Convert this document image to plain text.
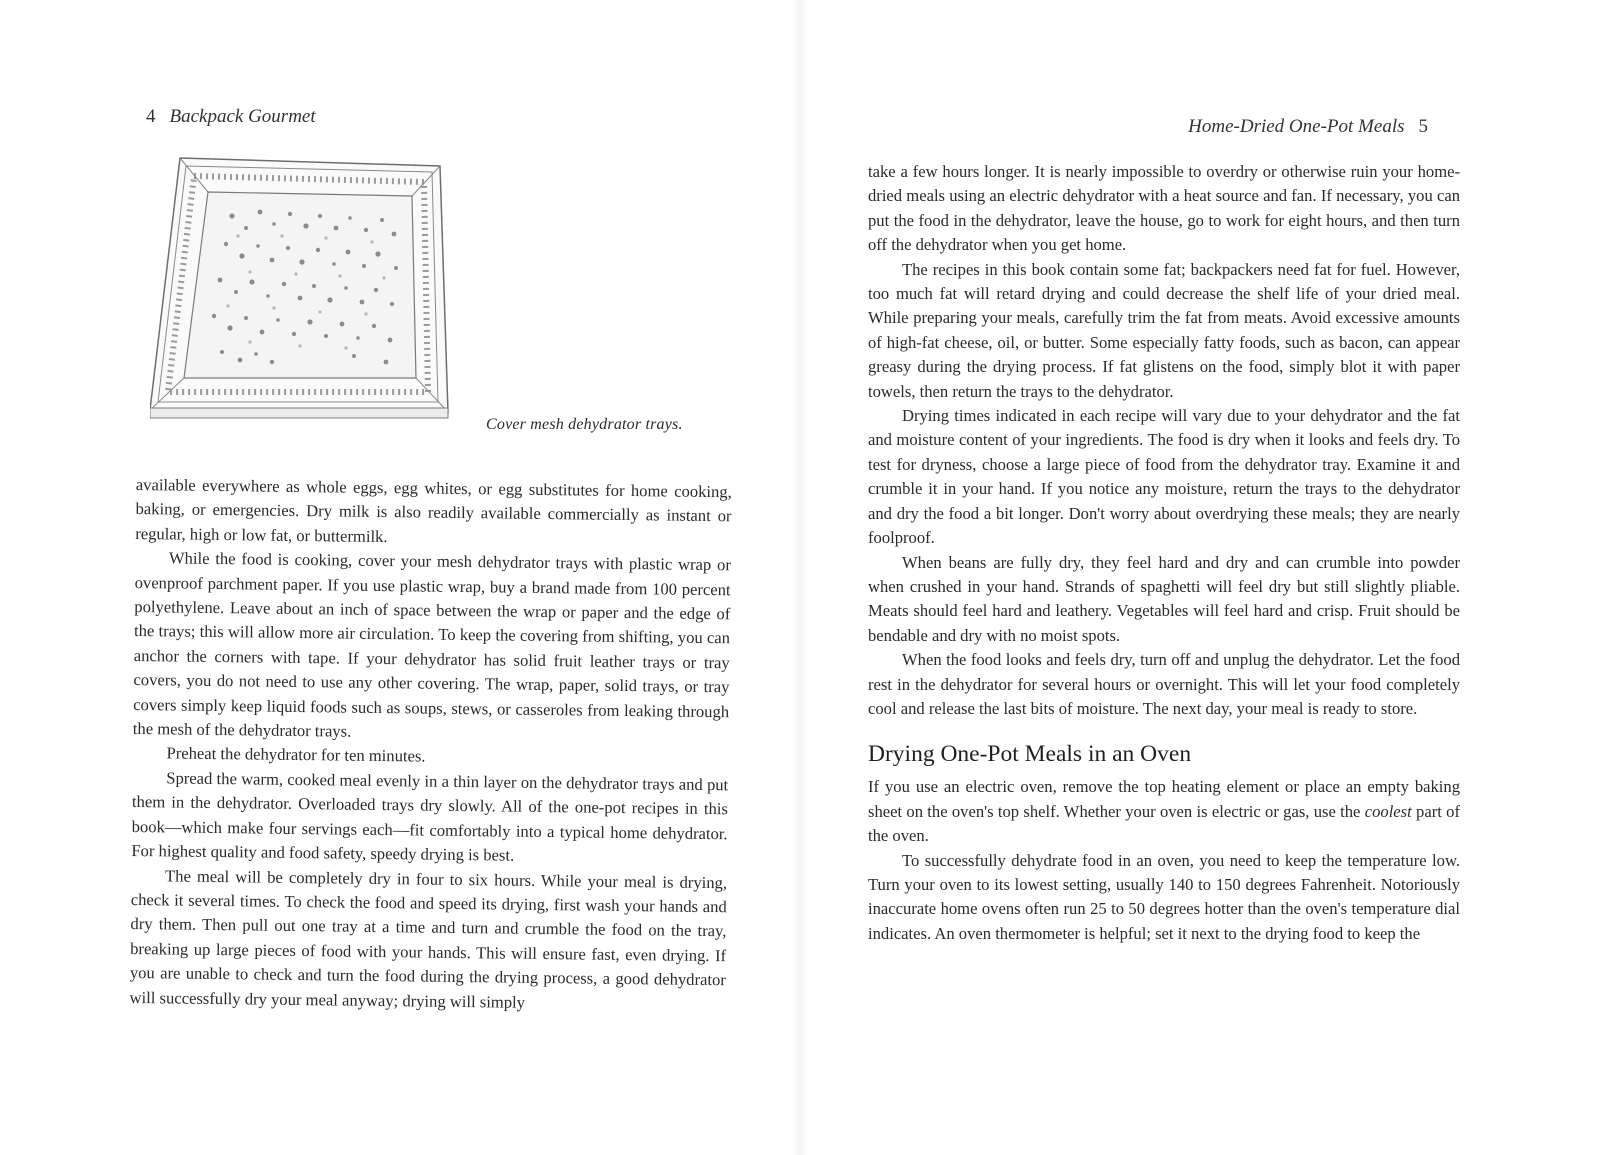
4 Backpack Gourmet
Cover mesh dehydrator trays.

available everywhere as whole eggs, egg whites, or egg substitutes for home cooking, baking, or emergencies. Dry milk is also readily available commercially as instant or regular, high or low fat, or buttermilk.

While the food is cooking, cover your mesh dehydrator trays with plastic wrap or ovenproof parchment paper. If you use plastic wrap, buy a brand made from 100 percent polyethylene. Leave about an inch of space between the wrap or paper and the edge of the trays; this will allow more air circulation. To keep the covering from shifting, you can anchor the corners with tape. If your dehydrator has solid fruit leather trays or tray covers, you do not need to use any other covering. The wrap, paper, solid trays, or tray covers simply keep liquid foods such as soups, stews, or casseroles from leaking through the mesh of the dehydrator trays.

Preheat the dehydrator for ten minutes.

Spread the warm, cooked meal evenly in a thin layer on the dehydrator trays and put them in the dehydrator. Overloaded trays dry slowly. All of the one-pot recipes in this book—which make four servings each—fit comfortably into a typical home dehydrator. For highest quality and food safety, speedy drying is best.

The meal will be completely dry in four to six hours. While your meal is drying, check it several times. To check the food and speed its drying, first wash your hands and dry them. Then pull out one tray at a time and turn and crumble the food on the tray, breaking up large pieces of food with your hands. This will ensure fast, even drying. If you are unable to check and turn the food during the drying process, a good dehydrator will successfully dry your meal anyway; drying will simply

Home-Dried One-Pot Meals 5

take a few hours longer. It is nearly impossible to overdry or otherwise ruin your home-dried meals using an electric dehydrator with a heat source and fan. If necessary, you can put the food in the dehydrator, leave the house, go to work for eight hours, and then turn off the dehydrator when you get home.

The recipes in this book contain some fat; backpackers need fat for fuel. However, too much fat will retard drying and could decrease the shelf life of your dried meal. While preparing your meals, carefully trim the fat from meats. Avoid excessive amounts of high-fat cheese, oil, or butter. Some especially fatty foods, such as bacon, can appear greasy during the drying process. If fat glistens on the food, simply blot it with paper towels, then return the trays to the dehydrator.

Drying times indicated in each recipe will vary due to your dehydrator and the fat and moisture content of your ingredients. The food is dry when it looks and feels dry. To test for dryness, choose a large piece of food from the dehydrator tray. Examine it and crumble it in your hand. If you notice any moisture, return the trays to the dehydrator and dry the food a bit longer. Don't worry about overdrying these meals; they are nearly foolproof.

When beans are fully dry, they feel hard and dry and can crumble into powder when crushed in your hand. Strands of spaghetti will feel dry but still slightly pliable. Meats should feel hard and leathery. Vegetables will feel hard and crisp. Fruit should be bendable and dry with no moist spots.

When the food looks and feels dry, turn off and unplug the dehydrator. Let the food rest in the dehydrator for several hours or overnight. This will let your food completely cool and release the last bits of moisture. The next day, your meal is ready to store.

Drying One-Pot Meals in an Oven

If you use an electric oven, remove the top heating element or place an empty baking sheet on the oven's top shelf. Whether your oven is electric or gas, use the coolest part of the oven.

To successfully dehydrate food in an oven, you need to keep the temperature low. Turn your oven to its lowest setting, usually 140 to 150 degrees Fahrenheit. Notoriously inaccurate home ovens often run 25 to 50 degrees hotter than the oven's temperature dial indicates. An oven thermometer is helpful; set it next to the drying food to keep the
